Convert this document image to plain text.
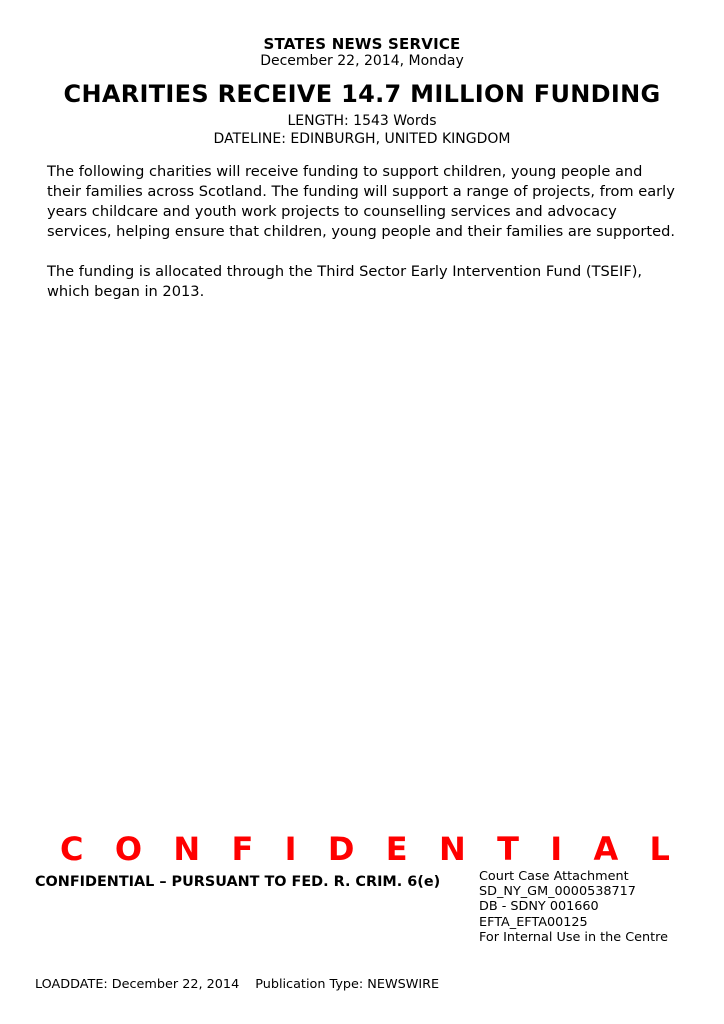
STATES NEWS SERVICE
December 22, 2014, Monday
CHARITIES RECEIVE 14.7 MILLION FUNDING
LENGTH: 1543 Words
DATELINE: EDINBURGH, UNITED KINGDOM

The following charities will receive funding to support children, young people and their families across Scotland. The funding will support a range of projects, from early years childcare and youth work projects to counselling services and advocacy services, helping ensure that children, young people and their families are supported.

The funding is allocated through the Third Sector Early Intervention Fund (TSEIF), which began in 2013.

C O N F I D E N T I A L
CONFIDENTIAL – PURSUANT TO FED. R. CRIM. 6(e)	Court Case Attachment
SD_NY_GM_0000538717
DB - SDNY 001660
EFTA_EFTA00125
For Internal Use in the Centre
LOADDATE: December 22, 2014 Publication Type: NEWSWIRE
